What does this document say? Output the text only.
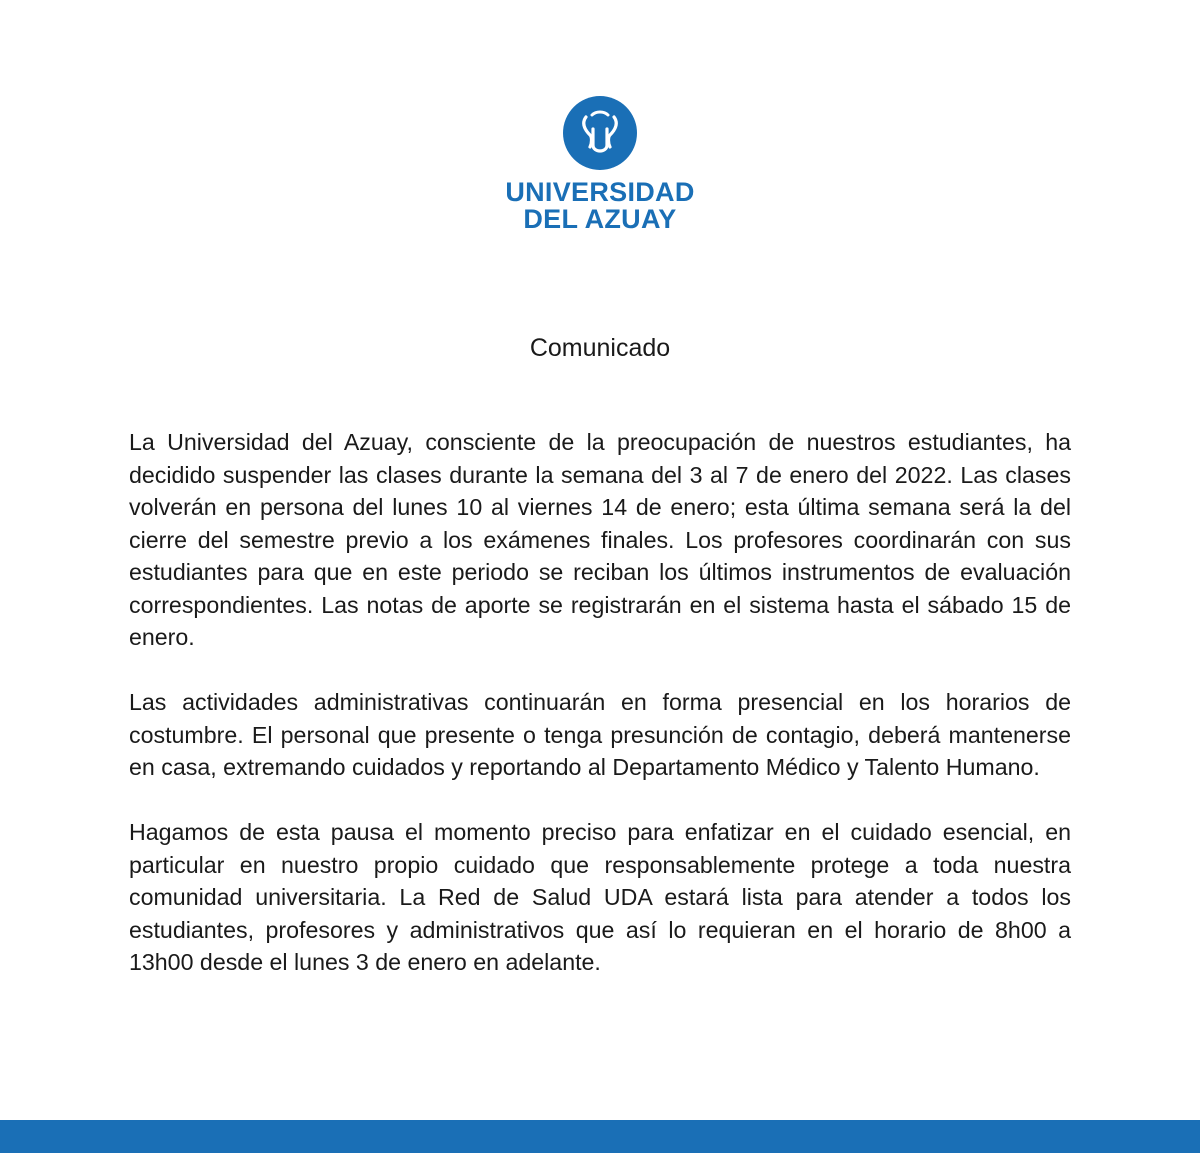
UNIVERSIDAD
DEL AZUAY
Comunicado

La Universidad del Azuay, consciente de la preocupación de nuestros estudiantes, ha decidido suspender las clases durante la semana del 3 al 7 de enero del 2022. Las clases volverán en persona del lunes 10 al viernes 14 de enero; esta última semana será la del cierre del semestre previo a los exámenes finales. Los profesores coordinarán con sus estudiantes para que en este periodo se reciban los últimos instrumentos de evaluación correspondientes. Las notas de aporte se registrarán en el sistema hasta el sábado 15 de enero.

Las actividades administrativas continuarán en forma presencial en los horarios de costumbre. El personal que presente o tenga presunción de contagio, deberá mantenerse en casa, extremando cuidados y reportando al Departamento Médico y Talento Humano.

Hagamos de esta pausa el momento preciso para enfatizar en el cuidado esencial, en particular en nuestro propio cuidado que responsablemente protege a toda nuestra comunidad universitaria. La Red de Salud UDA estará lista para atender a todos los estudiantes, profesores y administrativos que así lo requieran en el horario de 8h00 a 13h00 desde el lunes 3 de enero en adelante.
